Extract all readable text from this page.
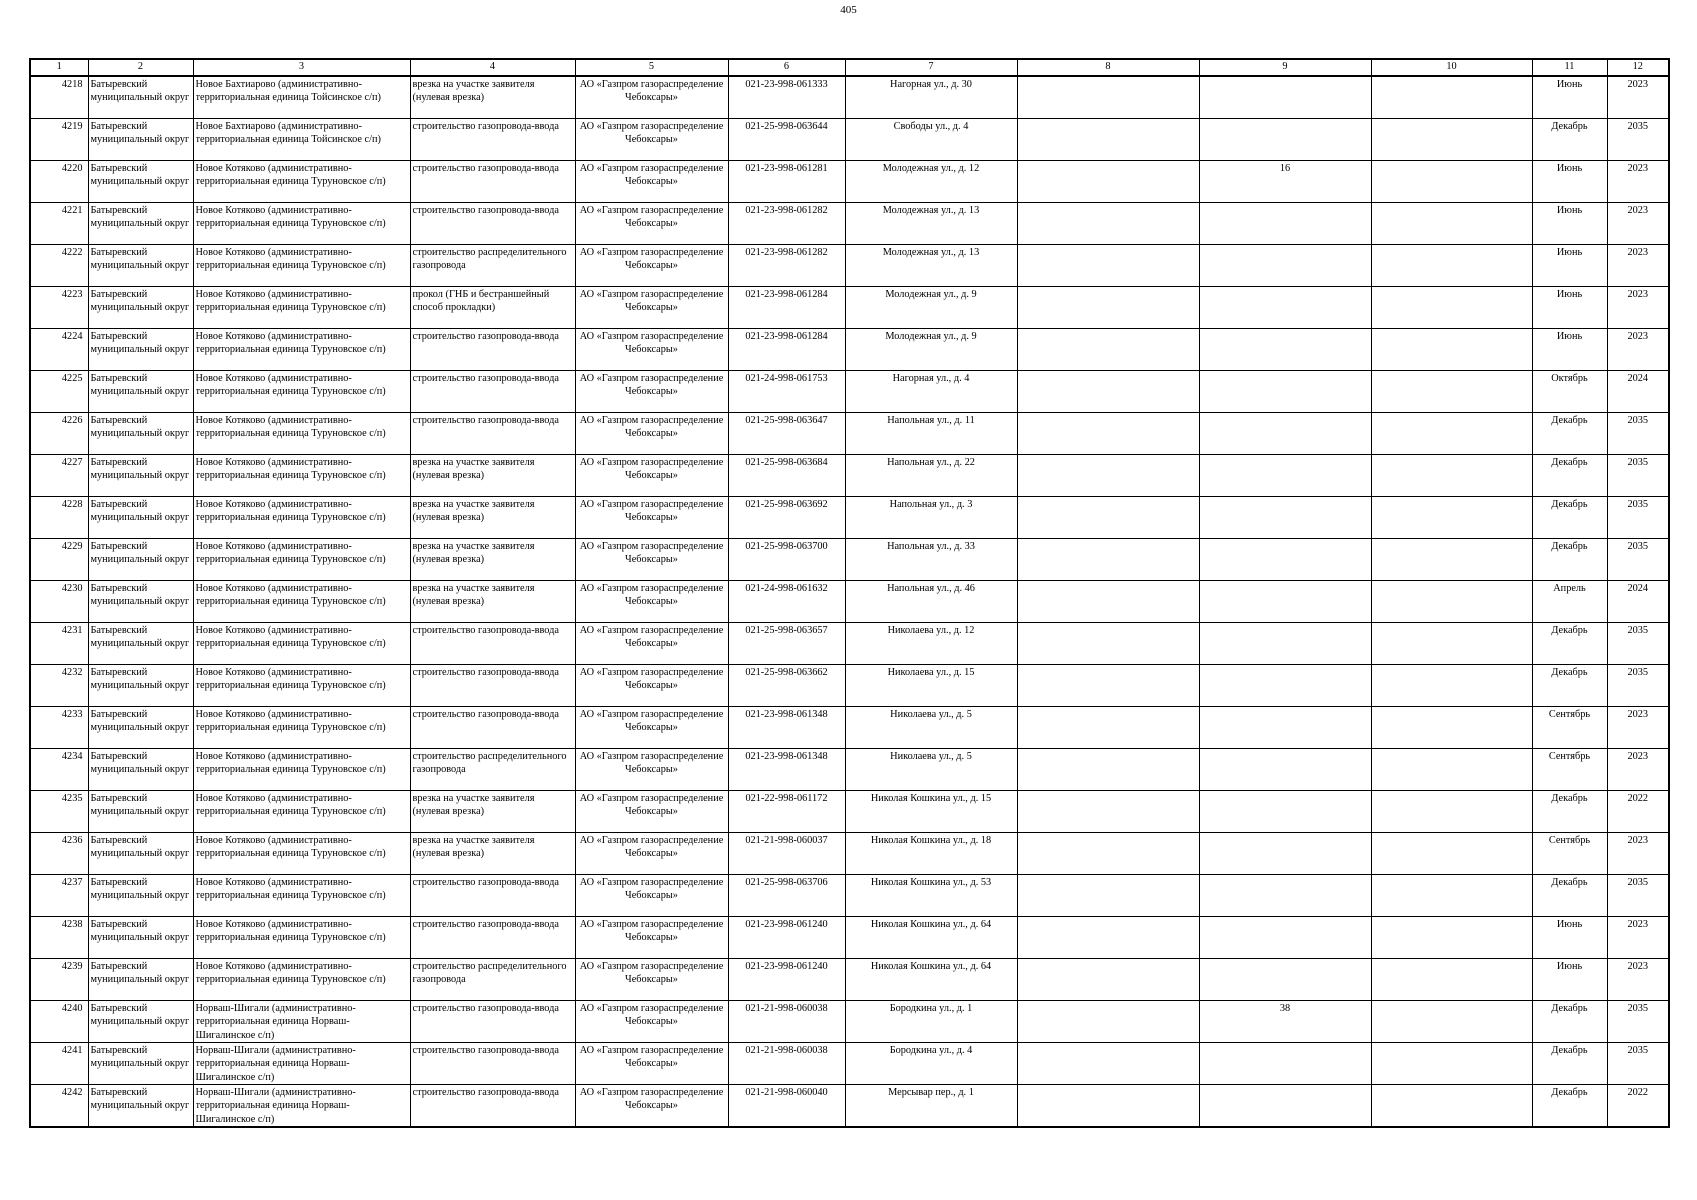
405
1	2	3	4	5	6	7	8	9	10	11	12

4218	Батыревский муниципальный округ	Новое Бахтиарово (административно-территориальная единица Тойсинское с/п)	врезка на участке заявителя (нулевая врезка)	АО «Газпром газораспределение Чебоксары»	021-23-998-061333	Нагорная ул., д. 30				Июнь	2023

4219	Батыревский муниципальный округ	Новое Бахтиарово (административно-территориальная единица Тойсинское с/п)	строительство газопровода-ввода	АО «Газпром газораспределение Чебоксары»	021-25-998-063644	Свободы ул., д. 4				Декабрь	2035

4220	Батыревский муниципальный округ	Новое Котяково (административно-территориальная единица Туруновское с/п)	строительство газопровода-ввода	АО «Газпром газораспределение Чебоксары»	021-23-998-061281	Молодежная ул., д. 12		16		Июнь	2023

4221	Батыревский муниципальный округ	Новое Котяково (административно-территориальная единица Туруновское с/п)	строительство газопровода-ввода	АО «Газпром газораспределение Чебоксары»	021-23-998-061282	Молодежная ул., д. 13				Июнь	2023

4222	Батыревский муниципальный округ	Новое Котяково (административно-территориальная единица Туруновское с/п)	строительство распределительного газопровода	АО «Газпром газораспределение Чебоксары»	021-23-998-061282	Молодежная ул., д. 13				Июнь	2023

4223	Батыревский муниципальный округ	Новое Котяково (административно-территориальная единица Туруновское с/п)	прокол (ГНБ и бестраншейный способ прокладки)	АО «Газпром газораспределение Чебоксары»	021-23-998-061284	Молодежная ул., д. 9				Июнь	2023

4224	Батыревский муниципальный округ	Новое Котяково (административно-территориальная единица Туруновское с/п)	строительство газопровода-ввода	АО «Газпром газораспределение Чебоксары»	021-23-998-061284	Молодежная ул., д. 9				Июнь	2023

4225	Батыревский муниципальный округ	Новое Котяково (административно-территориальная единица Туруновское с/п)	строительство газопровода-ввода	АО «Газпром газораспределение Чебоксары»	021-24-998-061753	Нагорная ул., д. 4				Октябрь	2024

4226	Батыревский муниципальный округ	Новое Котяково (административно-территориальная единица Туруновское с/п)	строительство газопровода-ввода	АО «Газпром газораспределение Чебоксары»	021-25-998-063647	Напольная ул., д. 11				Декабрь	2035

4227	Батыревский муниципальный округ	Новое Котяково (административно-территориальная единица Туруновское с/п)	врезка на участке заявителя (нулевая врезка)	АО «Газпром газораспределение Чебоксары»	021-25-998-063684	Напольная ул., д. 22				Декабрь	2035

4228	Батыревский муниципальный округ	Новое Котяково (административно-территориальная единица Туруновское с/п)	врезка на участке заявителя (нулевая врезка)	АО «Газпром газораспределение Чебоксары»	021-25-998-063692	Напольная ул., д. 3				Декабрь	2035

4229	Батыревский муниципальный округ	Новое Котяково (административно-территориальная единица Туруновское с/п)	врезка на участке заявителя (нулевая врезка)	АО «Газпром газораспределение Чебоксары»	021-25-998-063700	Напольная ул., д. 33				Декабрь	2035

4230	Батыревский муниципальный округ	Новое Котяково (административно-территориальная единица Туруновское с/п)	врезка на участке заявителя (нулевая врезка)	АО «Газпром газораспределение Чебоксары»	021-24-998-061632	Напольная ул., д. 46				Апрель	2024

4231	Батыревский муниципальный округ	Новое Котяково (административно-территориальная единица Туруновское с/п)	строительство газопровода-ввода	АО «Газпром газораспределение Чебоксары»	021-25-998-063657	Николаева ул., д. 12				Декабрь	2035

4232	Батыревский муниципальный округ	Новое Котяково (административно-территориальная единица Туруновское с/п)	строительство газопровода-ввода	АО «Газпром газораспределение Чебоксары»	021-25-998-063662	Николаева ул., д. 15				Декабрь	2035

4233	Батыревский муниципальный округ	Новое Котяково (административно-территориальная единица Туруновское с/п)	строительство газопровода-ввода	АО «Газпром газораспределение Чебоксары»	021-23-998-061348	Николаева ул., д. 5				Сентябрь	2023

4234	Батыревский муниципальный округ	Новое Котяково (административно-территориальная единица Туруновское с/п)	строительство распределительного газопровода	АО «Газпром газораспределение Чебоксары»	021-23-998-061348	Николаева ул., д. 5				Сентябрь	2023

4235	Батыревский муниципальный округ	Новое Котяково (административно-территориальная единица Туруновское с/п)	врезка на участке заявителя (нулевая врезка)	АО «Газпром газораспределение Чебоксары»	021-22-998-061172	Николая Кошкина ул., д. 15				Декабрь	2022

4236	Батыревский муниципальный округ	Новое Котяково (административно-территориальная единица Туруновское с/п)	врезка на участке заявителя (нулевая врезка)	АО «Газпром газораспределение Чебоксары»	021-21-998-060037	Николая Кошкина ул., д. 18				Сентябрь	2023

4237	Батыревский муниципальный округ	Новое Котяково (административно-территориальная единица Туруновское с/п)	строительство газопровода-ввода	АО «Газпром газораспределение Чебоксары»	021-25-998-063706	Николая Кошкина ул., д. 53				Декабрь	2035

4238	Батыревский муниципальный округ	Новое Котяково (административно-территориальная единица Туруновское с/п)	строительство газопровода-ввода	АО «Газпром газораспределение Чебоксары»	021-23-998-061240	Николая Кошкина ул., д. 64				Июнь	2023

4239	Батыревский муниципальный округ	Новое Котяково (административно-территориальная единица Туруновское с/п)	строительство распределительного газопровода	АО «Газпром газораспределение Чебоксары»	021-23-998-061240	Николая Кошкина ул., д. 64				Июнь	2023

4240	Батыревский муниципальный округ	Норваш-Шигали (административно-территориальная единица Норваш-Шигалинское с/п)	строительство газопровода-ввода	АО «Газпром газораспределение Чебоксары»	021-21-998-060038	Бородкина ул., д. 1		38		Декабрь	2035

4241	Батыревский муниципальный округ	Норваш-Шигали (административно-территориальная единица Норваш-Шигалинское с/п)	строительство газопровода-ввода	АО «Газпром газораспределение Чебоксары»	021-21-998-060038	Бородкина ул., д. 4				Декабрь	2035

4242	Батыревский муниципальный округ	Норваш-Шигали (административно-территориальная единица Норваш-Шигалинское с/п)	строительство газопровода-ввода	АО «Газпром газораспределение Чебоксары»	021-21-998-060040	Мерсывар пер., д. 1				Декабрь	2022
